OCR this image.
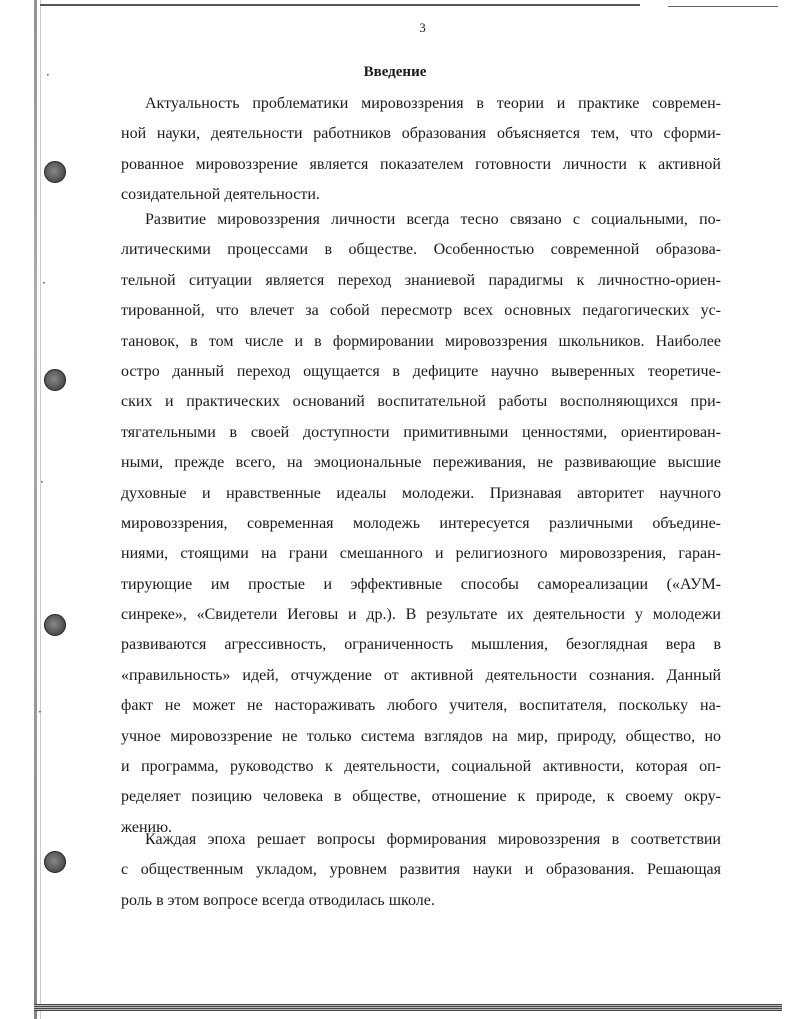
·
·
·
·
3
Введение
Актуальность проблематики мировоззрения в теории и практике современ-
ной науки, деятельности работников образования объясняется тем, что сформи-
рованное мировоззрение является показателем готовности личности к активной
созидательной деятельности.
Развитие мировоззрения личности всегда тесно связано с социальными, по-
литическими процессами в обществе. Особенностью современной образова-
тельной ситуации является переход знаниевой парадигмы к личностно-ориен-
тированной, что влечет за собой пересмотр всех основных педагогических ус-
тановок, в том числе и в формировании мировоззрения школьников. Наиболее
остро данный переход ощущается в дефиците научно выверенных теоретиче-
ских и практических оснований воспитательной работы восполняющихся при-
тягательными в своей доступности примитивными ценностями, ориентирован-
ными, прежде всего, на эмоциональные переживания, не развивающие высшие
духовные и нравственные идеалы молодежи. Признавая авторитет научного
мировоззрения, современная молодежь интересуется различными объедине-
ниями, стоящими на грани смешанного и религиозного мировоззрения, гаран-
тирующие им простые и эффективные способы самореализации («АУМ-
синреке», «Свидетели Иеговы и др.). В результате их деятельности у молодежи
развиваются агрессивность, ограниченность мышления, безоглядная вера в
«правильность» идей, отчуждение от активной деятельности сознания. Данный
факт не может не настораживать любого учителя, воспитателя, поскольку на-
учное мировоззрение не только система взглядов на мир, природу, общество, но
и программа, руководство к деятельности, социальной активности, которая оп-
ределяет позицию человека в обществе, отношение к природе, к своему окру-
жению.
Каждая эпоха решает вопросы формирования мировоззрения в соответствии
с общественным укладом, уровнем развития науки и образования. Решающая
роль в этом вопросе всегда отводилась школе.
